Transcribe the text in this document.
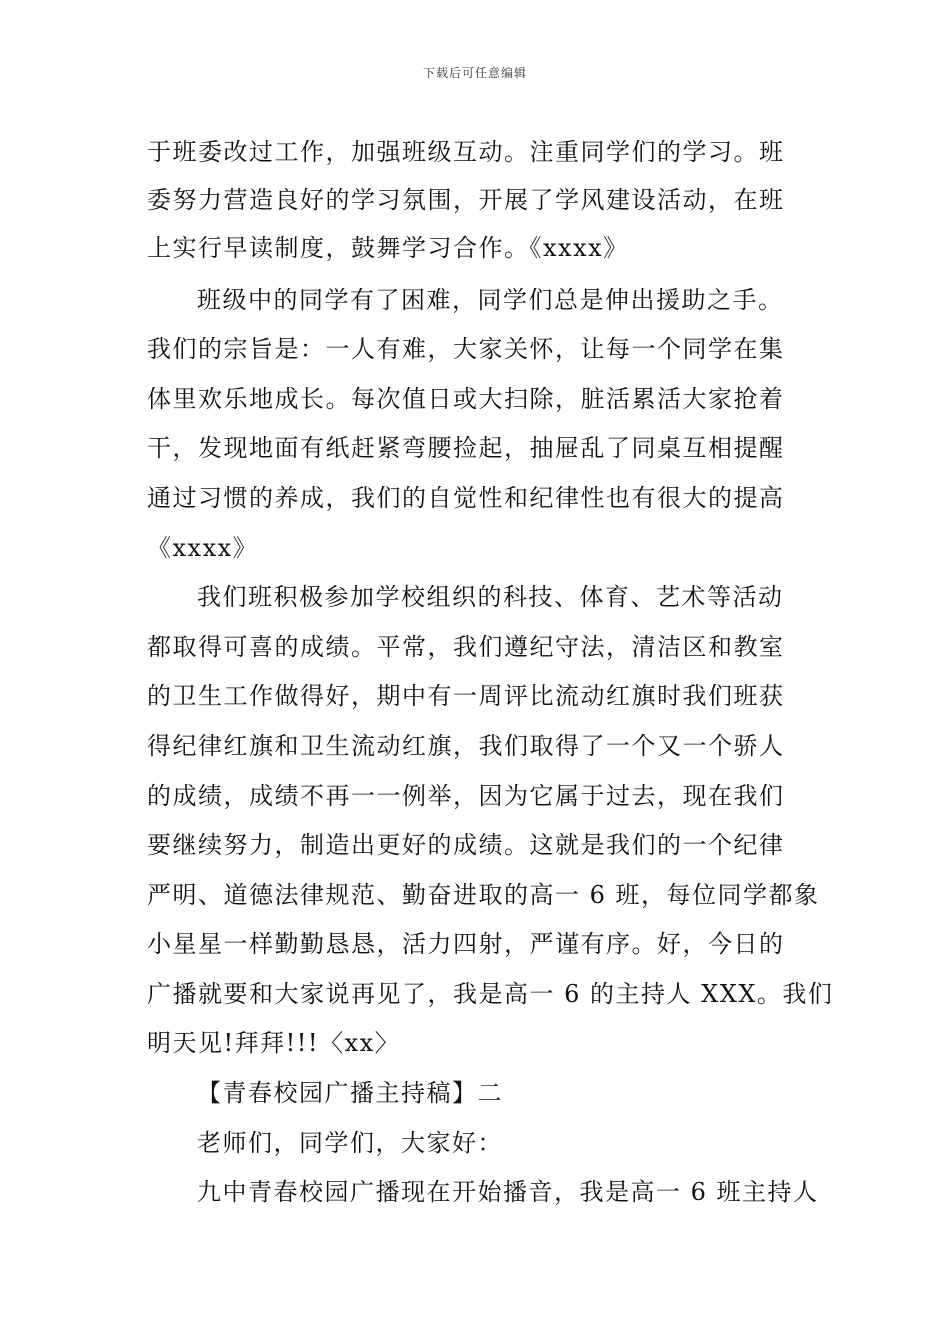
下载后可任意编辑
于班委改过工作，加强班级互动。注重同学们的学习。班
委努力营造良好的学习氛围，开展了学风建设活动，在班
上实行早读制度，鼓舞学习合作。《xxxx》
班级中的同学有了困难，同学们总是伸出援助之手。
我们的宗旨是：一人有难，大家关怀，让每一个同学在集
体里欢乐地成长。每次值日或大扫除，脏活累活大家抢着
干，发现地面有纸赶紧弯腰捡起，抽屉乱了同桌互相提醒
通过习惯的养成，我们的自觉性和纪律性也有很大的提高
《xxxx》
我们班积极参加学校组织的科技、体育、艺术等活动
都取得可喜的成绩。平常，我们遵纪守法，清洁区和教室
的卫生工作做得好，期中有一周评比流动红旗时我们班获
得纪律红旗和卫生流动红旗，我们取得了一个又一个骄人
的成绩，成绩不再一一例举，因为它属于过去，现在我们
要继续努力，制造出更好的成绩。这就是我们的一个纪律
严明、道德法律规范、勤奋进取的高一 6 班，每位同学都象
小星星一样勤勤恳恳，活力四射，严谨有序。好，今日的
广播就要和大家说再见了，我是高一 6 的主持人 XXX。我们
明天见!拜拜!!!〈xx〉
【青春校园广播主持稿】二
老师们，同学们，大家好：
九中青春校园广播现在开始播音，我是高一 6 班主持人
